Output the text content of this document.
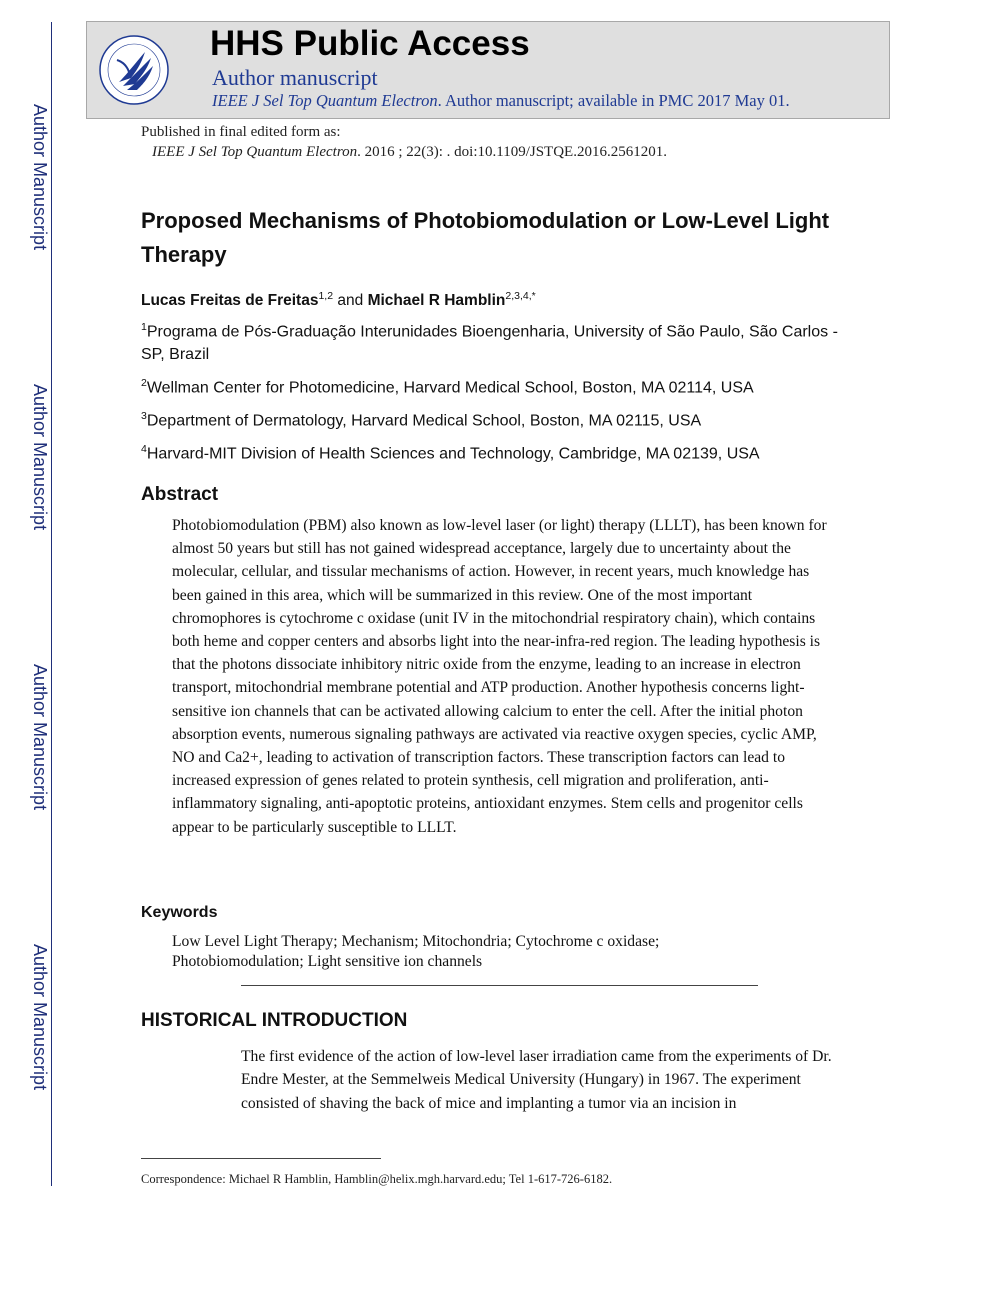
Author Manuscript
Author Manuscript
Author Manuscript
Author Manuscript
HHS Public Access
Author manuscript
IEEE J Sel Top Quantum Electron. Author manuscript; available in PMC 2017 May 01.
Published in final edited form as:
IEEE J Sel Top Quantum Electron. 2016 ; 22(3): . doi:10.1109/JSTQE.2016.2561201.
Proposed Mechanisms of Photobiomodulation or Low-Level Light Therapy
Lucas Freitas de Freitas$^{1,2}$ and Michael R Hamblin$^{2,3,4,*}$
$^1$Programa de Pós-Graduação Interunidades Bioengenharia, University of São Paulo, São Carlos - SP, Brazil
$^2$Wellman Center for Photomedicine, Harvard Medical School, Boston, MA 02114, USA
$^3$Department of Dermatology, Harvard Medical School, Boston, MA 02115, USA
$^4$Harvard-MIT Division of Health Sciences and Technology, Cambridge, MA 02139, USA
Abstract
Photobiomodulation (PBM) also known as low-level laser (or light) therapy (LLLT), has been known for almost 50 years but still has not gained widespread acceptance, largely due to uncertainty about the molecular, cellular, and tissular mechanisms of action. However, in recent years, much knowledge has been gained in this area, which will be summarized in this review. One of the most important chromophores is cytochrome c oxidase (unit IV in the mitochondrial respiratory chain), which contains both heme and copper centers and absorbs light into the near-infra-red region. The leading hypothesis is that the photons dissociate inhibitory nitric oxide from the enzyme, leading to an increase in electron transport, mitochondrial membrane potential and ATP production. Another hypothesis concerns light-sensitive ion channels that can be activated allowing calcium to enter the cell. After the initial photon absorption events, numerous signaling pathways are activated via reactive oxygen species, cyclic AMP, NO and Ca2+, leading to activation of transcription factors. These transcription factors can lead to increased expression of genes related to protein synthesis, cell migration and proliferation, anti-inflammatory signaling, anti-apoptotic proteins, antioxidant enzymes. Stem cells and progenitor cells appear to be particularly susceptible to LLLT.
Keywords
Low Level Light Therapy; Mechanism; Mitochondria; Cytochrome c oxidase; Photobiomodulation; Light sensitive ion channels
HISTORICAL INTRODUCTION
The first evidence of the action of low-level laser irradiation came from the experiments of Dr. Endre Mester, at the Semmelweis Medical University (Hungary) in 1967. The experiment consisted of shaving the back of mice and implanting a tumor via an incision in
Correspondence: Michael R Hamblin, Hamblin@helix.mgh.harvard.edu; Tel 1-617-726-6182.
